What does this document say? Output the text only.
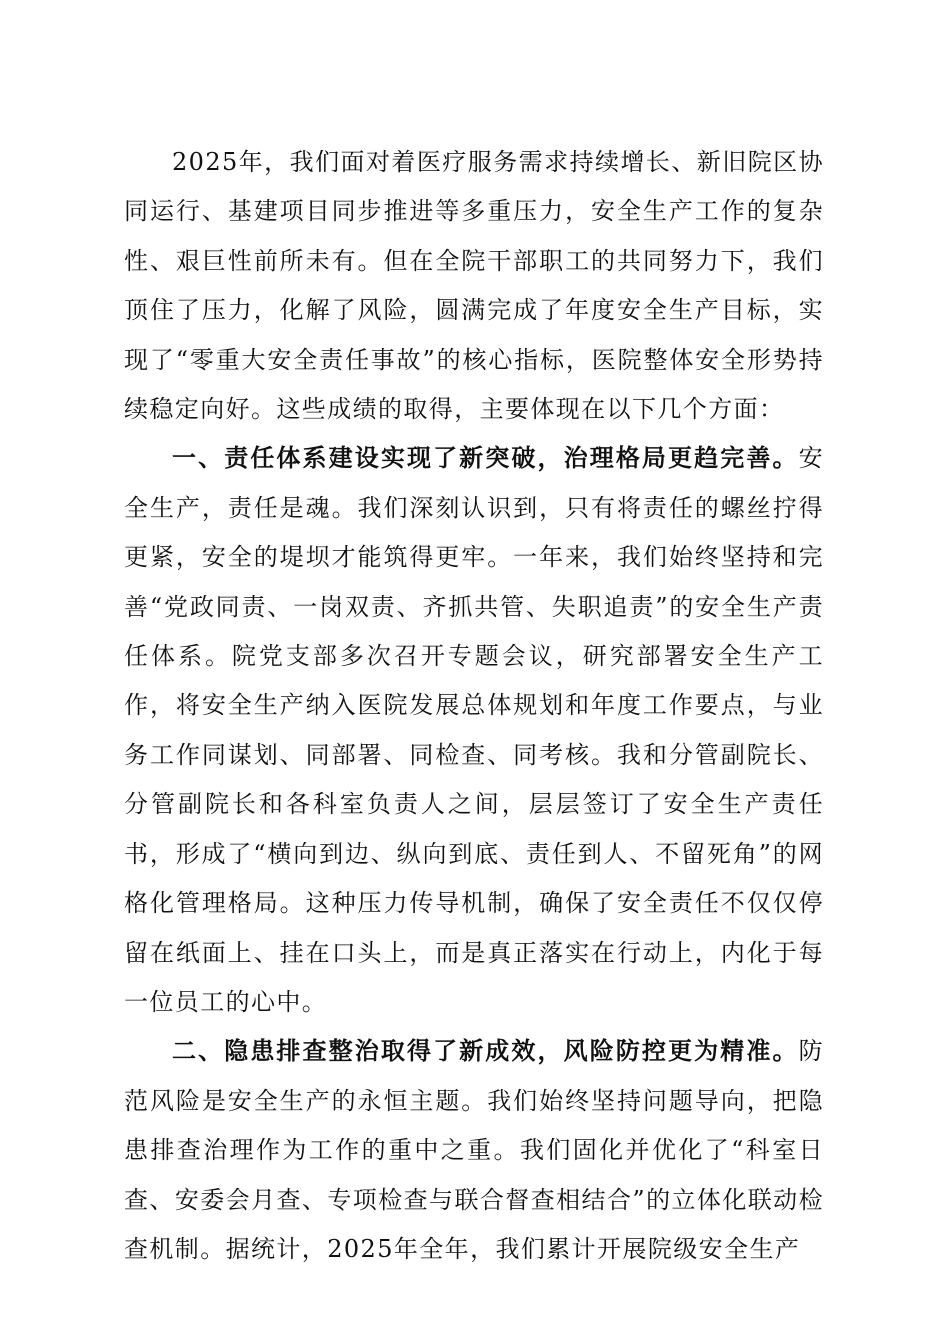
2025年，我们面对着医疗服务需求持续增长、新旧院区协同运行、基建项目同步推进等多重压力，安全生产工作的复杂性、艰巨性前所未有。但在全院干部职工的共同努力下，我们顶住了压力，化解了风险，圆满完成了年度安全生产目标，实现了“零重大安全责任事故”的核心指标，医院整体安全形势持续稳定向好。这些成绩的取得，主要体现在以下几个方面：

一、责任体系建设实现了新突破，治理格局更趋完善。安全生产，责任是魂。我们深刻认识到，只有将责任的螺丝拧得更紧，安全的堤坝才能筑得更牢。一年来，我们始终坚持和完善“党政同责、一岗双责、齐抓共管、失职追责”的安全生产责任体系。院党支部多次召开专题会议，研究部署安全生产工作，将安全生产纳入医院发展总体规划和年度工作要点，与业务工作同谋划、同部署、同检查、同考核。我和分管副院长、分管副院长和各科室负责人之间，层层签订了安全生产责任书，形成了“横向到边、纵向到底、责任到人、不留死角”的网格化管理格局。这种压力传导机制，确保了安全责任不仅仅停留在纸面上、挂在口头上，而是真正落实在行动上，内化于每一位员工的心中。

二、隐患排查整治取得了新成效，风险防控更为精准。防范风险是安全生产的永恒主题。我们始终坚持问题导向，把隐患排查治理作为工作的重中之重。我们固化并优化了“科室日查、安委会月查、专项检查与联合督查相结合”的立体化联动检查机制。据统计，2025年全年，我们累计开展院级安全生产
